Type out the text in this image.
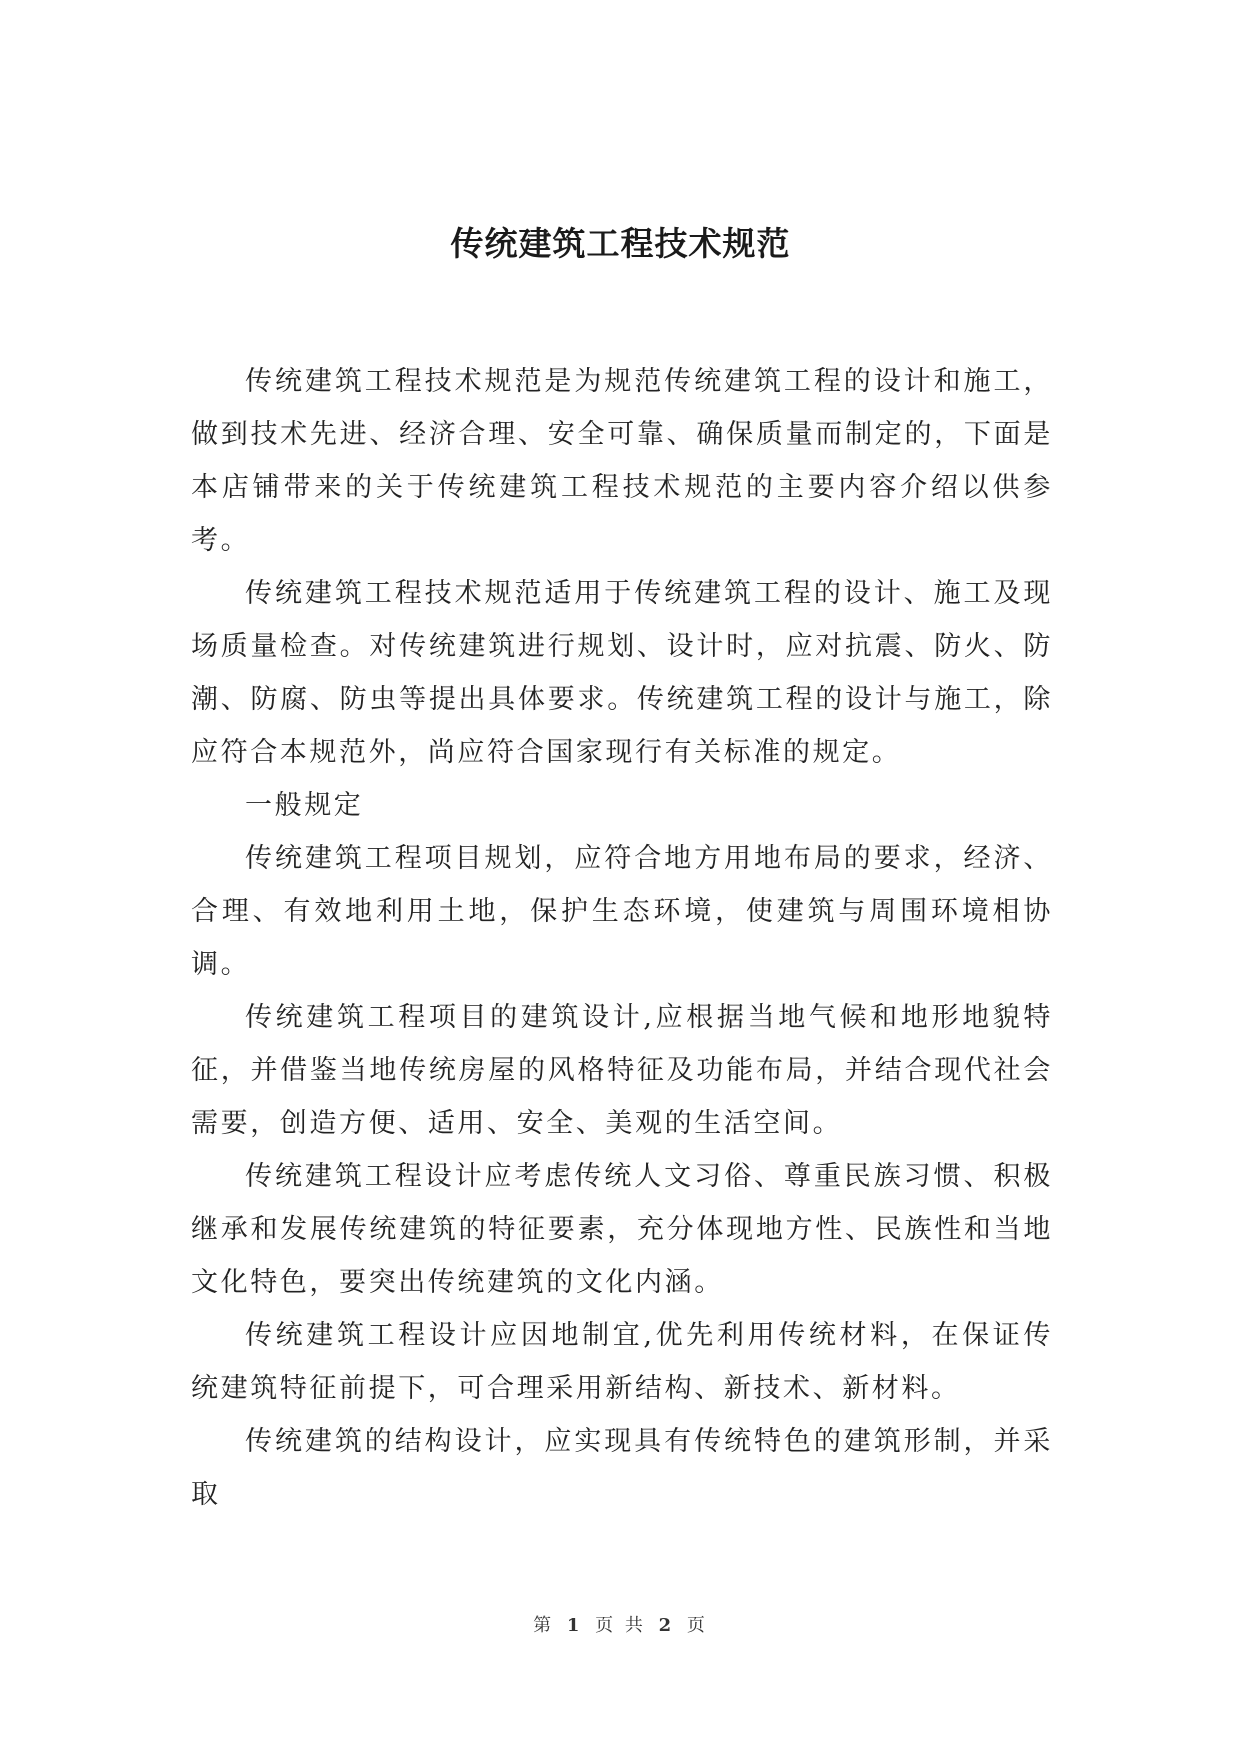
传统建筑工程技术规范

传统建筑工程技术规范是为规范传统建筑工程的设计和施工，做到技术先进、经济合理、安全可靠、确保质量而制定的，下面是本店铺带来的关于传统建筑工程技术规范的主要内容介绍以供参考。

传统建筑工程技术规范适用于传统建筑工程的设计、施工及现场质量检查。对传统建筑进行规划、设计时，应对抗震、防火、防潮、防腐、防虫等提出具体要求。传统建筑工程的设计与施工，除应符合本规范外，尚应符合国家现行有关标准的规定。

一般规定

传统建筑工程项目规划，应符合地方用地布局的要求，经济、合理、有效地利用土地，保护生态环境，使建筑与周围环境相协调。

传统建筑工程项目的建筑设计,应根据当地气候和地形地貌特征，并借鉴当地传统房屋的风格特征及功能布局，并结合现代社会需要，创造方便、适用、安全、美观的生活空间。

传统建筑工程设计应考虑传统人文习俗、尊重民族习惯、积极继承和发展传统建筑的特征要素，充分体现地方性、民族性和当地文化特色，要突出传统建筑的文化内涵。

传统建筑工程设计应因地制宜,优先利用传统材料，在保证传统建筑特征前提下，可合理采用新结构、新技术、新材料。

传统建筑的结构设计，应实现具有传统特色的建筑形制，并采取

第 1 页 共 2 页
